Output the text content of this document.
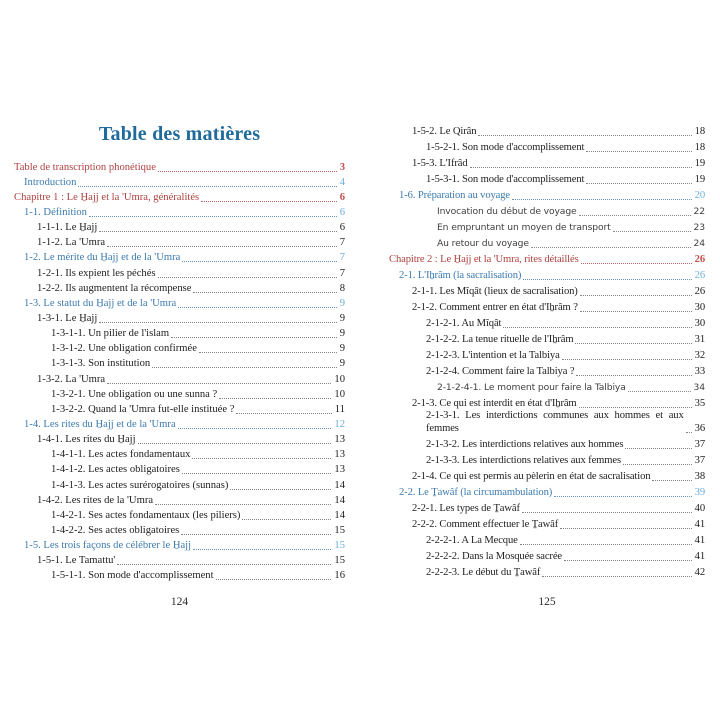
Table des matières
Table de transcription phonétique	3
Introduction	4
Chapitre 1 : Le H̱ajj et la 'Umra, généralités	6
1-1. Définition	6
1-1-1. Le H̱ajj	6
1-1-2. La 'Umra	7
1-2. Le mérite du H̱ajj et de la 'Umra	7
1-2-1. Ils expient les péchés	7
1-2-2. Ils augmentent la récompense	8
1-3. Le statut du H̱ajj et de la 'Umra	9
1-3-1. Le H̱ajj	9
1-3-1-1. Un pilier de l'islam	9
1-3-1-2. Une obligation confirmée	9
1-3-1-3. Son institution	9
1-3-2. La 'Umra	10
1-3-2-1. Une obligation ou une sunna ?	10
1-3-2-2. Quand la 'Umra fut-elle instituée ?	11
1-4. Les rites du H̱ajj et de la 'Umra	12
1-4-1. Les rites du H̱ajj	13
1-4-1-1. Les actes fondamentaux	13
1-4-1-2. Les actes obligatoires	13
1-4-1-3. Les actes surérogatoires (sunnas)	14
1-4-2. Les rites de la 'Umra	14
1-4-2-1. Ses actes fondamentaux (les piliers)	14
1-4-2-2. Ses actes obligatoires	15
1-5. Les trois façons de célébrer le H̱ajj	15
1-5-1. Le Tamattu'	15
1-5-1-1. Son mode d'accomplissement	16
1-5-2. Le Qirân	18
1-5-2-1. Son mode d'accomplissement	18
1-5-3. L'Ifrâd	19
1-5-3-1. Son mode d'accomplissement	19
1-6. Préparation au voyage	20
Invocation du début de voyage	22
En empruntant un moyen de transport	23
Au retour du voyage	24
Chapitre 2 : Le H̱ajj et la 'Umra, rites détaillés	26
2-1. L'Iẖrâm (la sacralisation)	26
2-1-1. Les Mîqât (lieux de sacralisation)	26
2-1-2. Comment entrer en état d'Iẖrâm ?	30
2-1-2-1. Au Mîqât	30
2-1-2-2. La tenue rituelle de l'Iẖrâm	31
2-1-2-3. L'intention et la Talbiya	32
2-1-2-4. Comment faire la Talbiya ?	33
2-1-2-4-1. Le moment pour faire la Talbiya	34
2-1-3. Ce qui est interdit en état d'Iẖrâm	35
2-1-3-1. Les interdictions communes aux hommes et aux femmes	36
2-1-3-2. Les interdictions relatives aux hommes	37
2-1-3-3. Les interdictions relatives aux femmes	37
2-1-4. Ce qui est permis au pèlerin en état de sacralisation	38
2-2. Le Ṯawâf (la circumambulation)	39
2-2-1. Les types de Ṯawâf	40
2-2-2. Comment effectuer le Ṯawâf	41
2-2-2-1. A La Mecque	41
2-2-2-2. Dans la Mosquée sacrée	41
2-2-2-3. Le début du Ṯawâf	42
124	125
